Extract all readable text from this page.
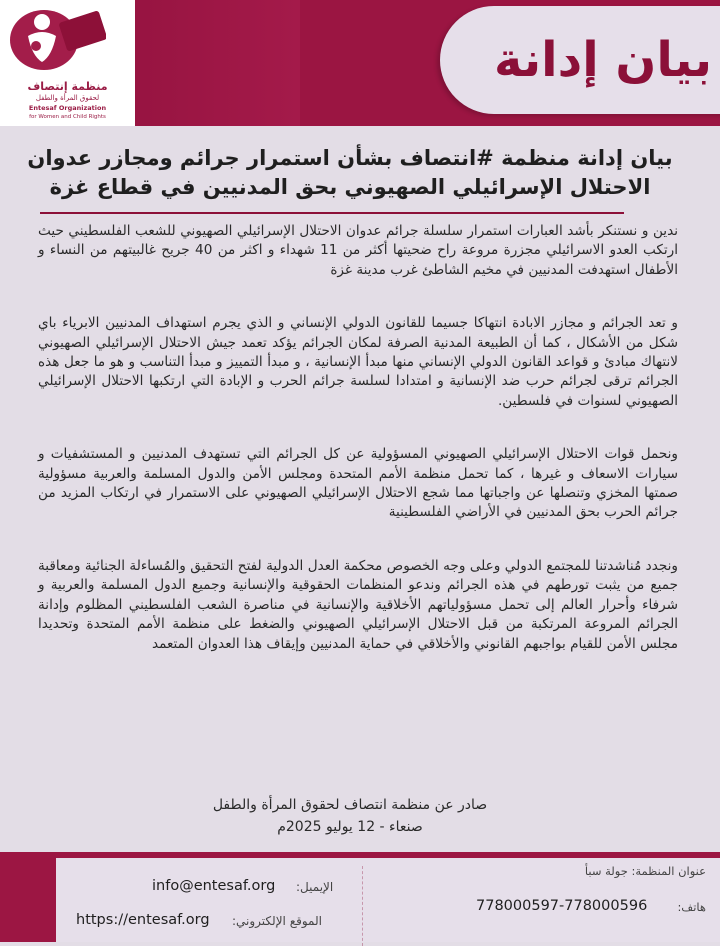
منظمة إنتصاف
لحقوق المرأة والطفل
Entesaf Organization
for Women and Child Rights
بيان إدانة
بيان إدانة منظمة #انتصاف بشأن استمرار جرائم ومجازر عدوان الاحتلال الإسرائيلي الصهيوني بحق المدنيين في قطاع غزة

ندين و نستنكر بأشد العبارات استمرار سلسلة جرائم عدوان الاحتلال الإسرائيلي الصهيوني للشعب الفلسطيني حيث ارتكب العدو الاسرائيلي مجزرة مروعة راح ضحيتها أكثر من 11 شهداء و اكثر من 40 جريح غالبيتهم من النساء و الأطفال استهدفت المدنيين في مخيم الشاطئ غرب مدينة غزة

و تعد الجرائم و مجازر الابادة انتهاكا جسيما للقانون الدولي الإنساني و الذي يجرم استهداف المدنيين الابرياء باي شكل من الأشكال ، كما أن الطبيعة المدنية الصرفة لمكان الجرائم يؤكد تعمد جيش الاحتلال الإسرائيلي الصهيوني لانتهاك مبادئ و قواعد القانون الدولي الإنساني منها مبدأ الإنسانية ، و مبدأ التمييز و مبدأ التناسب و هو ما جعل هذه الجرائم ترقى لجرائم حرب ضد الإنسانية و امتدادا لسلسة جرائم الحرب و الإبادة التي ارتكبها الاحتلال الإسرائيلي الصهيوني لسنوات في فلسطين.

ونحمل قوات الاحتلال الإسرائيلي الصهيوني المسؤولية عن كل الجرائم التي تستهدف المدنيين و المستشفيات و سيارات الاسعاف و غيرها ، كما تحمل منظمة الأمم المتحدة ومجلس الأمن والدول المسلمة والعربية مسؤولية صمتها المخزي وتنصلها عن واجباتها مما شجع الاحتلال الإسرائيلي الصهيوني على الاستمرار في ارتكاب المزيد من جرائم الحرب بحق المدنيين في الأراضي الفلسطينية

ونجدد مُناشدتنا للمجتمع الدولي وعلى وجه الخصوص محكمة العدل الدولية لفتح التحقيق والمُساءلة الجنائية ومعاقبة جميع من يثبت تورطهم في هذه الجرائم وندعو المنظمات الحقوقية والإنسانية وجميع الدول المسلمة والعربية و شرفاء وأحرار العالم إلى تحمل مسؤولياتهم الأخلاقية والإنسانية في مناصرة الشعب الفلسطيني المظلوم وإدانة الجرائم المروعة المرتكبة من قبل الاحتلال الإسرائيلي الصهيوني والضغط على منظمة الأمم المتحدة وتحديدا مجلس الأمن للقيام بواجبهم القانوني والأخلاقي في حماية المدنيين وإيقاف هذا العدوان المتعمد

صادر عن منظمة انتصاف لحقوق المرأة والطفل
صنعاء - 12 يوليو 2025م
عنوان المنظمة: جولة سبأ
هاتف:
778000597-778000596
الإيميل:
info@entesaf.org
الموقع الإلكتروني:
https://entesaf.org
